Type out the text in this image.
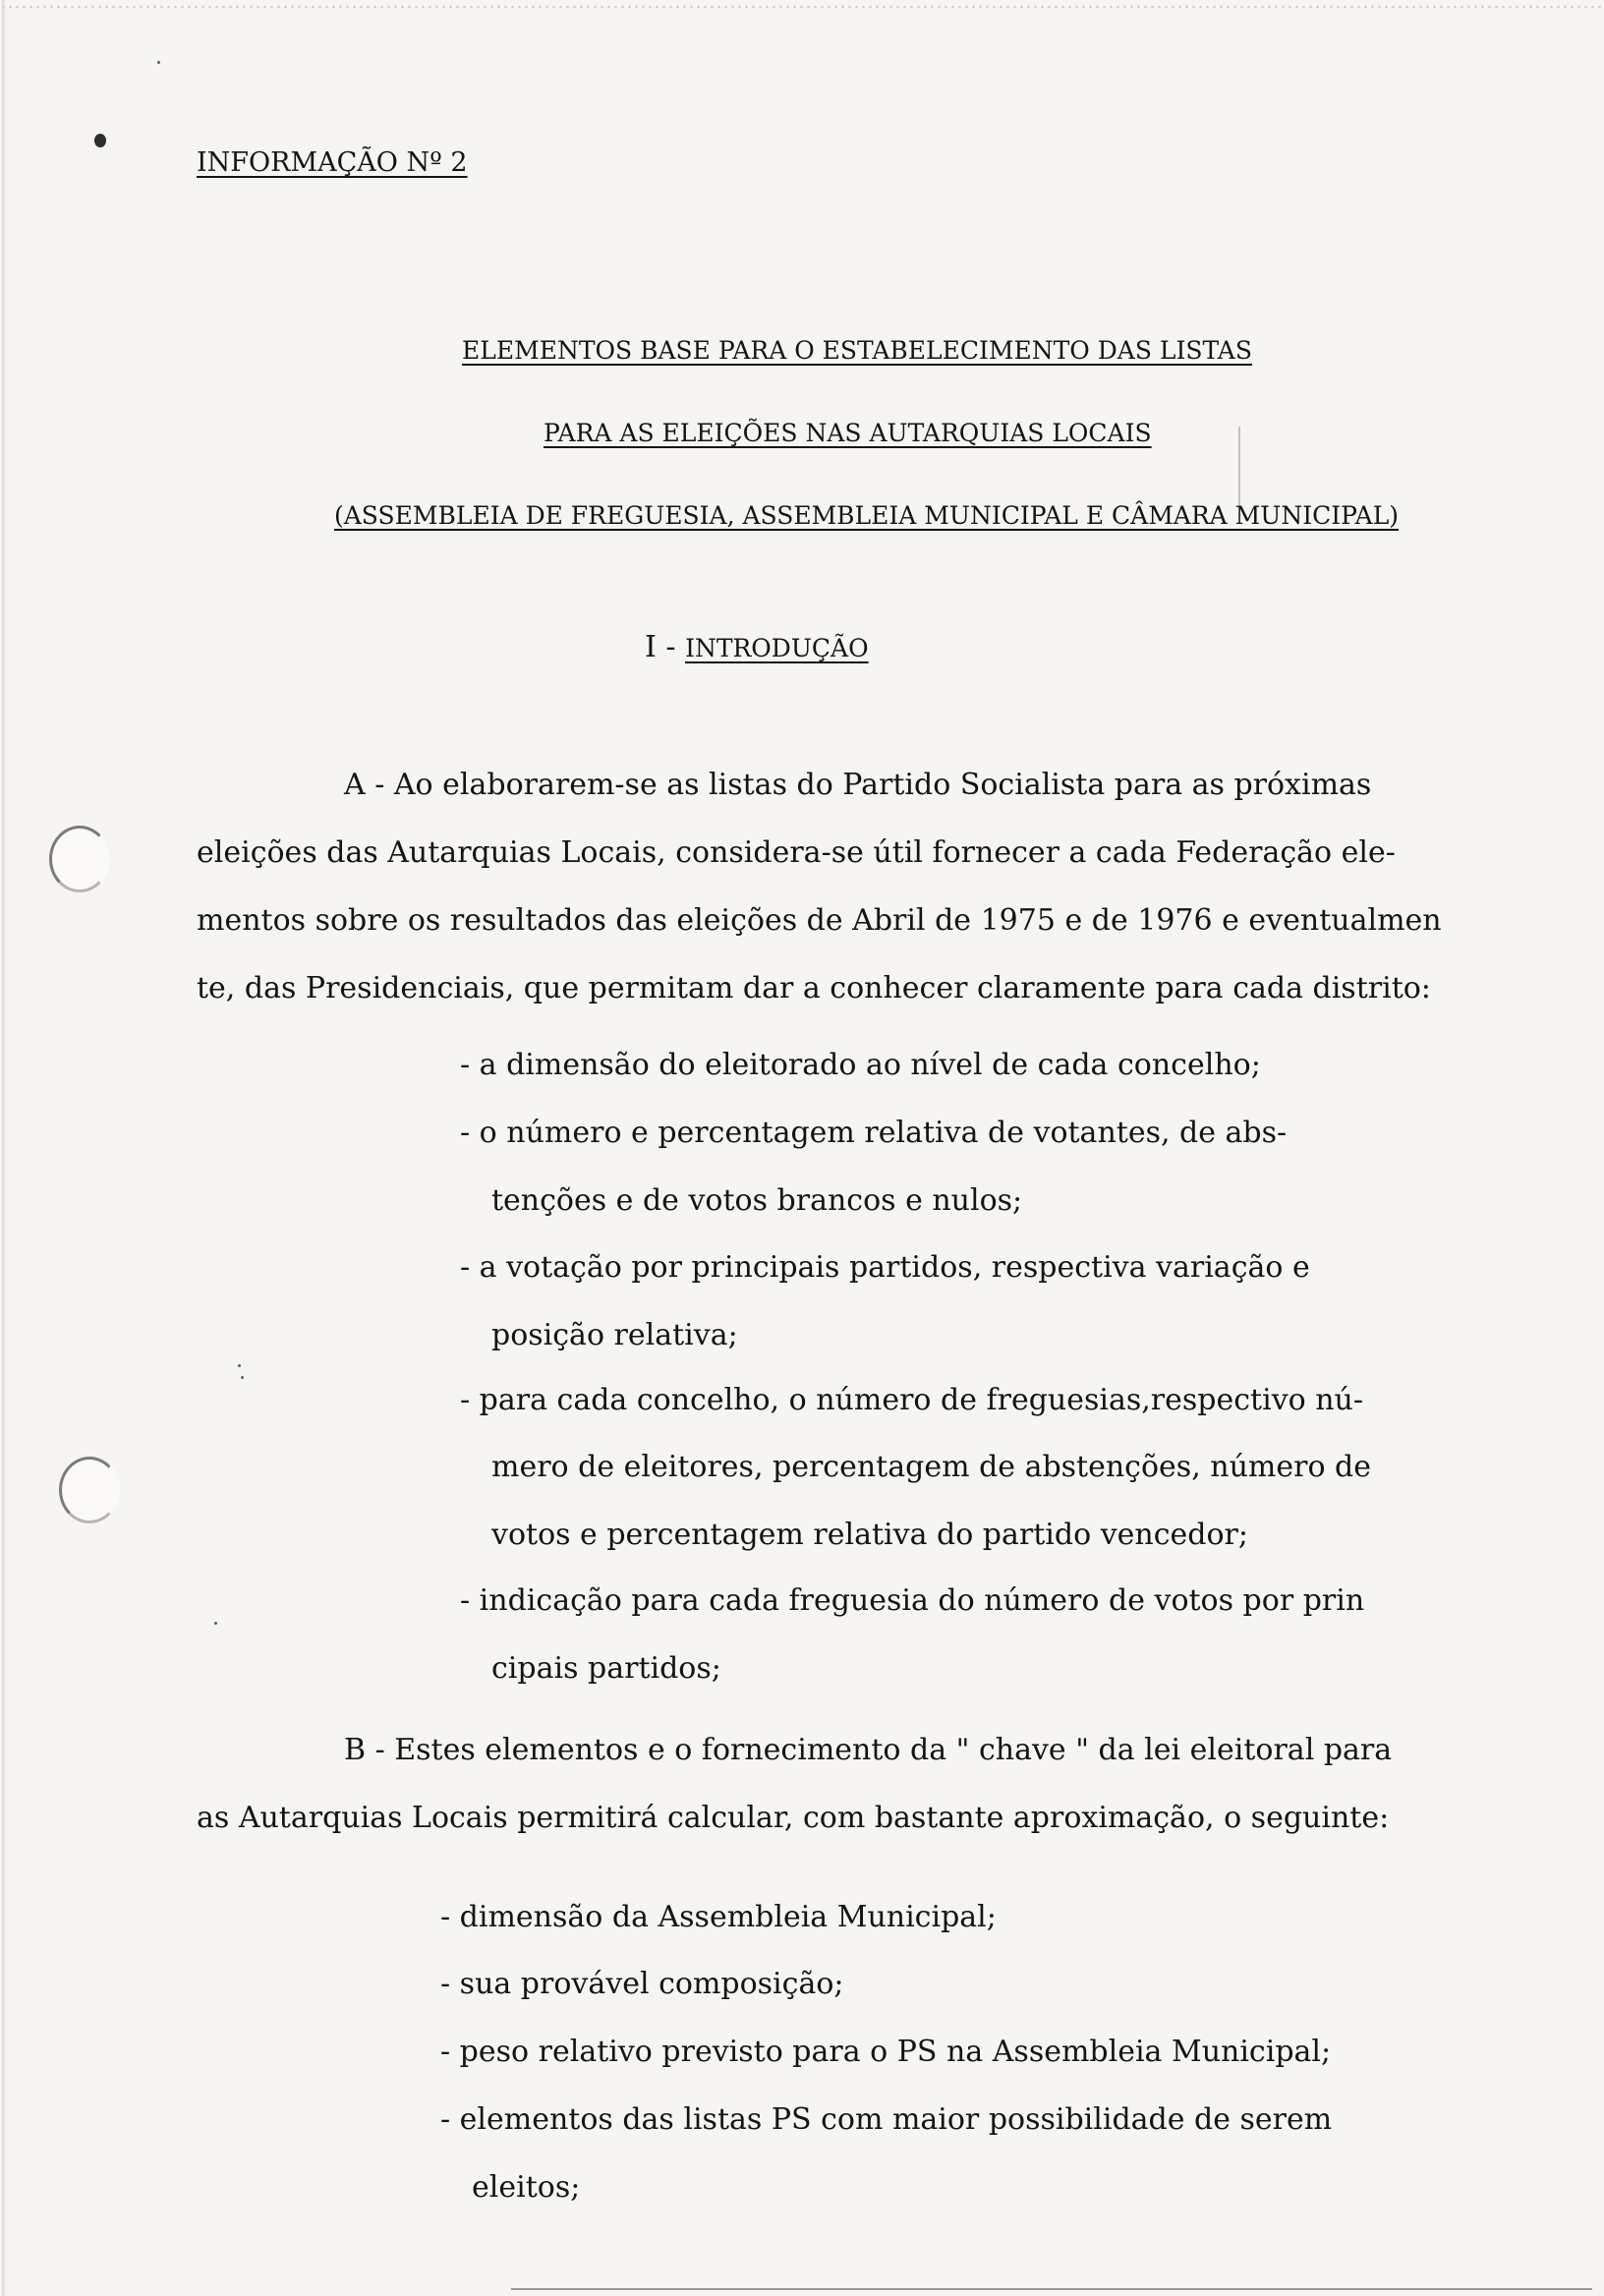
INFORMAÇÃO Nº 2

ELEMENTOS BASE PARA O ESTABELECIMENTO DAS LISTAS

PARA AS ELEIÇÕES NAS AUTARQUIAS LOCAIS

(ASSEMBLEIA DE FREGUESIA, ASSEMBLEIA MUNICIPAL E CÂMARA MUNICIPAL)

I - INTRODUÇÃO

A - Ao elaborarem-se as listas do Partido Socialista para as próximas

eleições das Autarquias Locais, considera-se útil fornecer a cada Federação ele-

mentos sobre os resultados das eleições de Abril de 1975 e de 1976 e eventualmen

te, das Presidenciais, que permitam dar a conhecer claramente para cada distrito:

- a dimensão do eleitorado ao nível de cada concelho;

- o número e percentagem relativa de votantes, de abs-

tenções e de votos brancos e nulos;

- a votação por principais partidos, respectiva variação e

posição relativa;

- para cada concelho, o número de freguesias,respectivo nú-

mero de eleitores, percentagem de abstenções, número de

votos e percentagem relativa do partido vencedor;

- indicação para cada freguesia do número de votos por prin

cipais partidos;

B - Estes elementos e o fornecimento da " chave " da lei eleitoral para

as Autarquias Locais permitirá calcular, com bastante aproximação, o seguinte:

- dimensão da Assembleia Municipal;

- sua provável composição;

- peso relativo previsto para o PS na Assembleia Municipal;

- elementos das listas PS com maior possibilidade de serem

eleitos;
